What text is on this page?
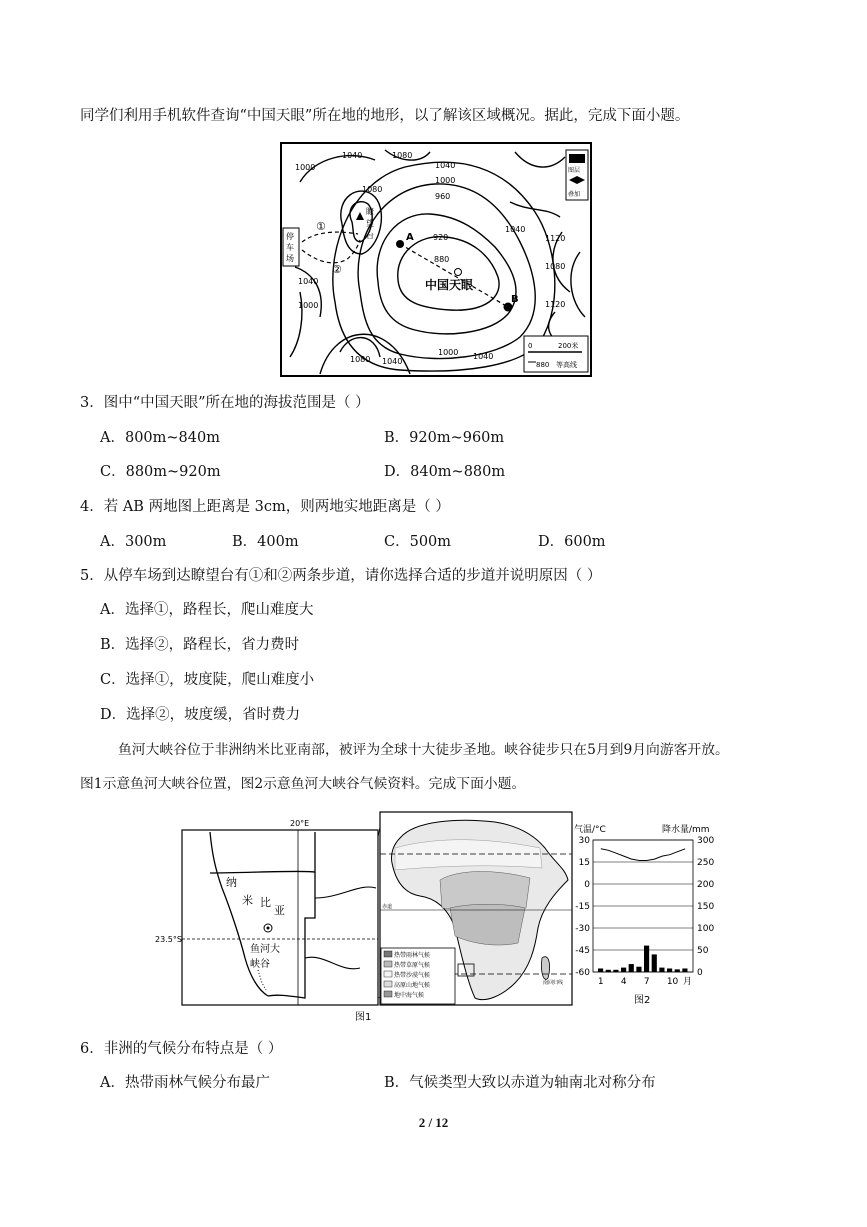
同学们利用手机软件查询“中国天眼”所在地的地形，以了解该区域概况。据此，完成下面小题。
1040	1080
1000	1040
1000
960
1080
920
880
1040
1120
1080
1120
1040
1000
1080 1040
1000 1040
①
②
瞭
望
台
停
车
场
A
B
中国天眼
图层
叠加
0	200米
880 等高线
3．图中“中国天眼”所在地的海拔范围是（ ）
A．800m~840m	B．920m~960m
C．880m~920m	D．840m~880m
4．若 AB 两地图上距离是 3cm，则两地实地距离是（ ）
A．300m	B．400m	C．500m	D．600m
5．从停车场到达瞭望台有①和②两条步道，请你选择合适的步道并说明原因（ ）
A．选择①，路程长，爬山难度大
B．选择②，路程长，省力费时
C．选择①，坡度陡，爬山难度小
D．选择②，坡度缓，省时费力
鱼河大峡谷位于非洲纳米比亚南部，被评为全球十大徒步圣地。峡谷徒步只在5月到9月向游客开放。
图1示意鱼河大峡谷位置，图2示意鱼河大峡谷气候资料。完成下面小题。
20°E
23.5°S
纳
米 比
亚
鱼河大
峡谷
图1
赤道
南回归线
热带雨林气候
热带草原气候
热带沙漠气候
高原山地气候
地中海气候
气温/°C	降水量/mm
30
15
0
-15
-30
-45
-60
300
250
200
150
100
50
0
1 4 7 10 月
图2
6．非洲的气候分布特点是（ ）
A．热带雨林气候分布最广	B．气候类型大致以赤道为轴南北对称分布
2 / 12
